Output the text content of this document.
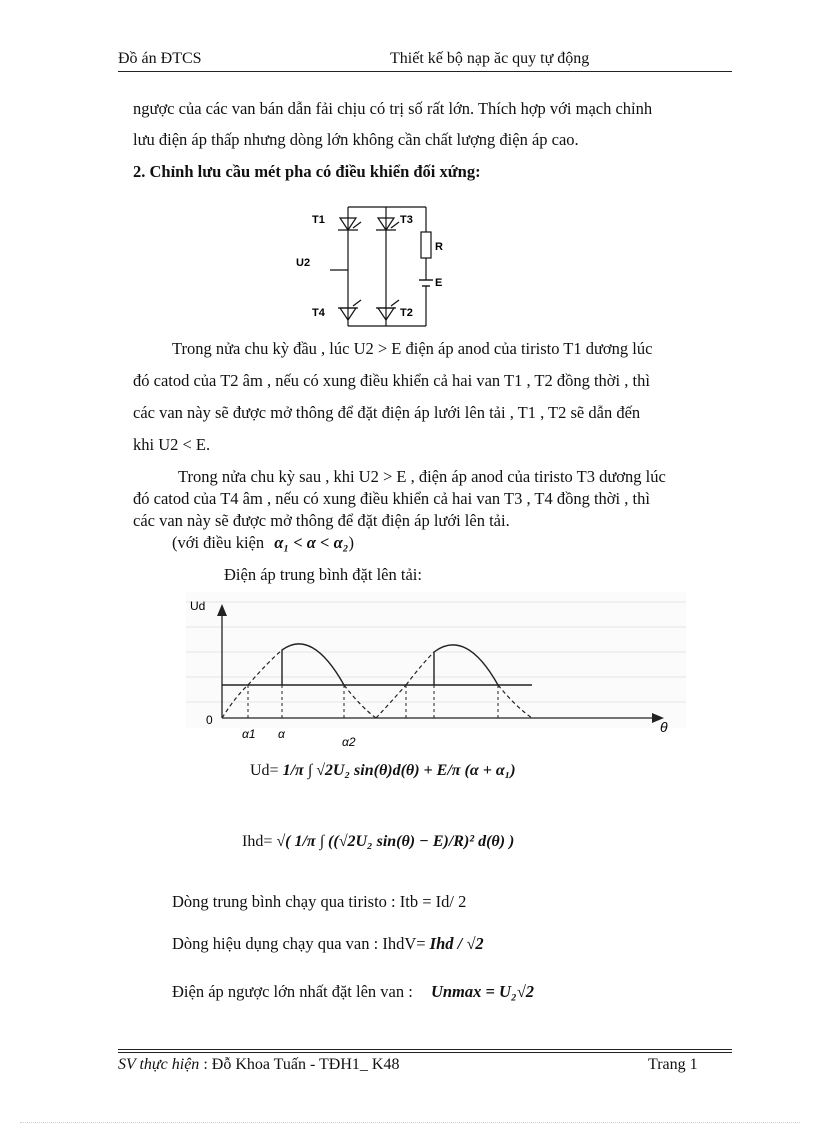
Đồ án ĐTCS	Thiết kế bộ nạp ăc quy tự động
ngược của các van bán dẫn fải chịu có trị số rất lớn. Thích hợp với mạch chỉnh
lưu điện áp thấp nhưng dòng lớn không cần chất lượng điện áp cao.
2. Chỉnh lưu cầu mét pha có điều khiển đối xứng:
T1	T3
U2
R
E
T4	T2
Trong nửa chu kỳ đầu , lúc U2 > E điện áp anod của tiristo T1 dương lúc
đó catod của T2 âm , nếu có xung điều khiển cả hai van T1 , T2 đồng thời , thì
các van này sẽ được mở thông để đặt điện áp lưới lên tải , T1 , T2 sẽ dẫn đến
khi U2 < E.
Trong nửa chu kỳ sau , khi U2 > E , điện áp anod của tiristo T3 dương lúc
đó catod của T4 âm , nếu có xung điều khiển cả hai van T3 , T4 đồng thời , thì
các van này sẽ được mở thông để đặt điện áp lưới lên tải.
(với điều kiện α₁ < α < α₂)
Điện áp trung bình đặt lên tải:
Ud
0	θ
α1 α
α2
Ud= 1/π ∫ √2U₂ sin(θ)d(θ) + E/π (α + α₁)
Ihd= √( 1/π ∫ ((√2U₂ sin(θ) − E)/R)² d(θ) )
Dòng trung bình chạy qua tiristo : Itb = Id/ 2
Dòng hiệu dụng chạy qua van : IhdV= Ihd / √2
Điện áp ngược lớn nhất đặt lên van : Unmax = U₂√2
SV thực hiện : Đỗ Khoa Tuấn - TĐH1_ K48	Trang 1
